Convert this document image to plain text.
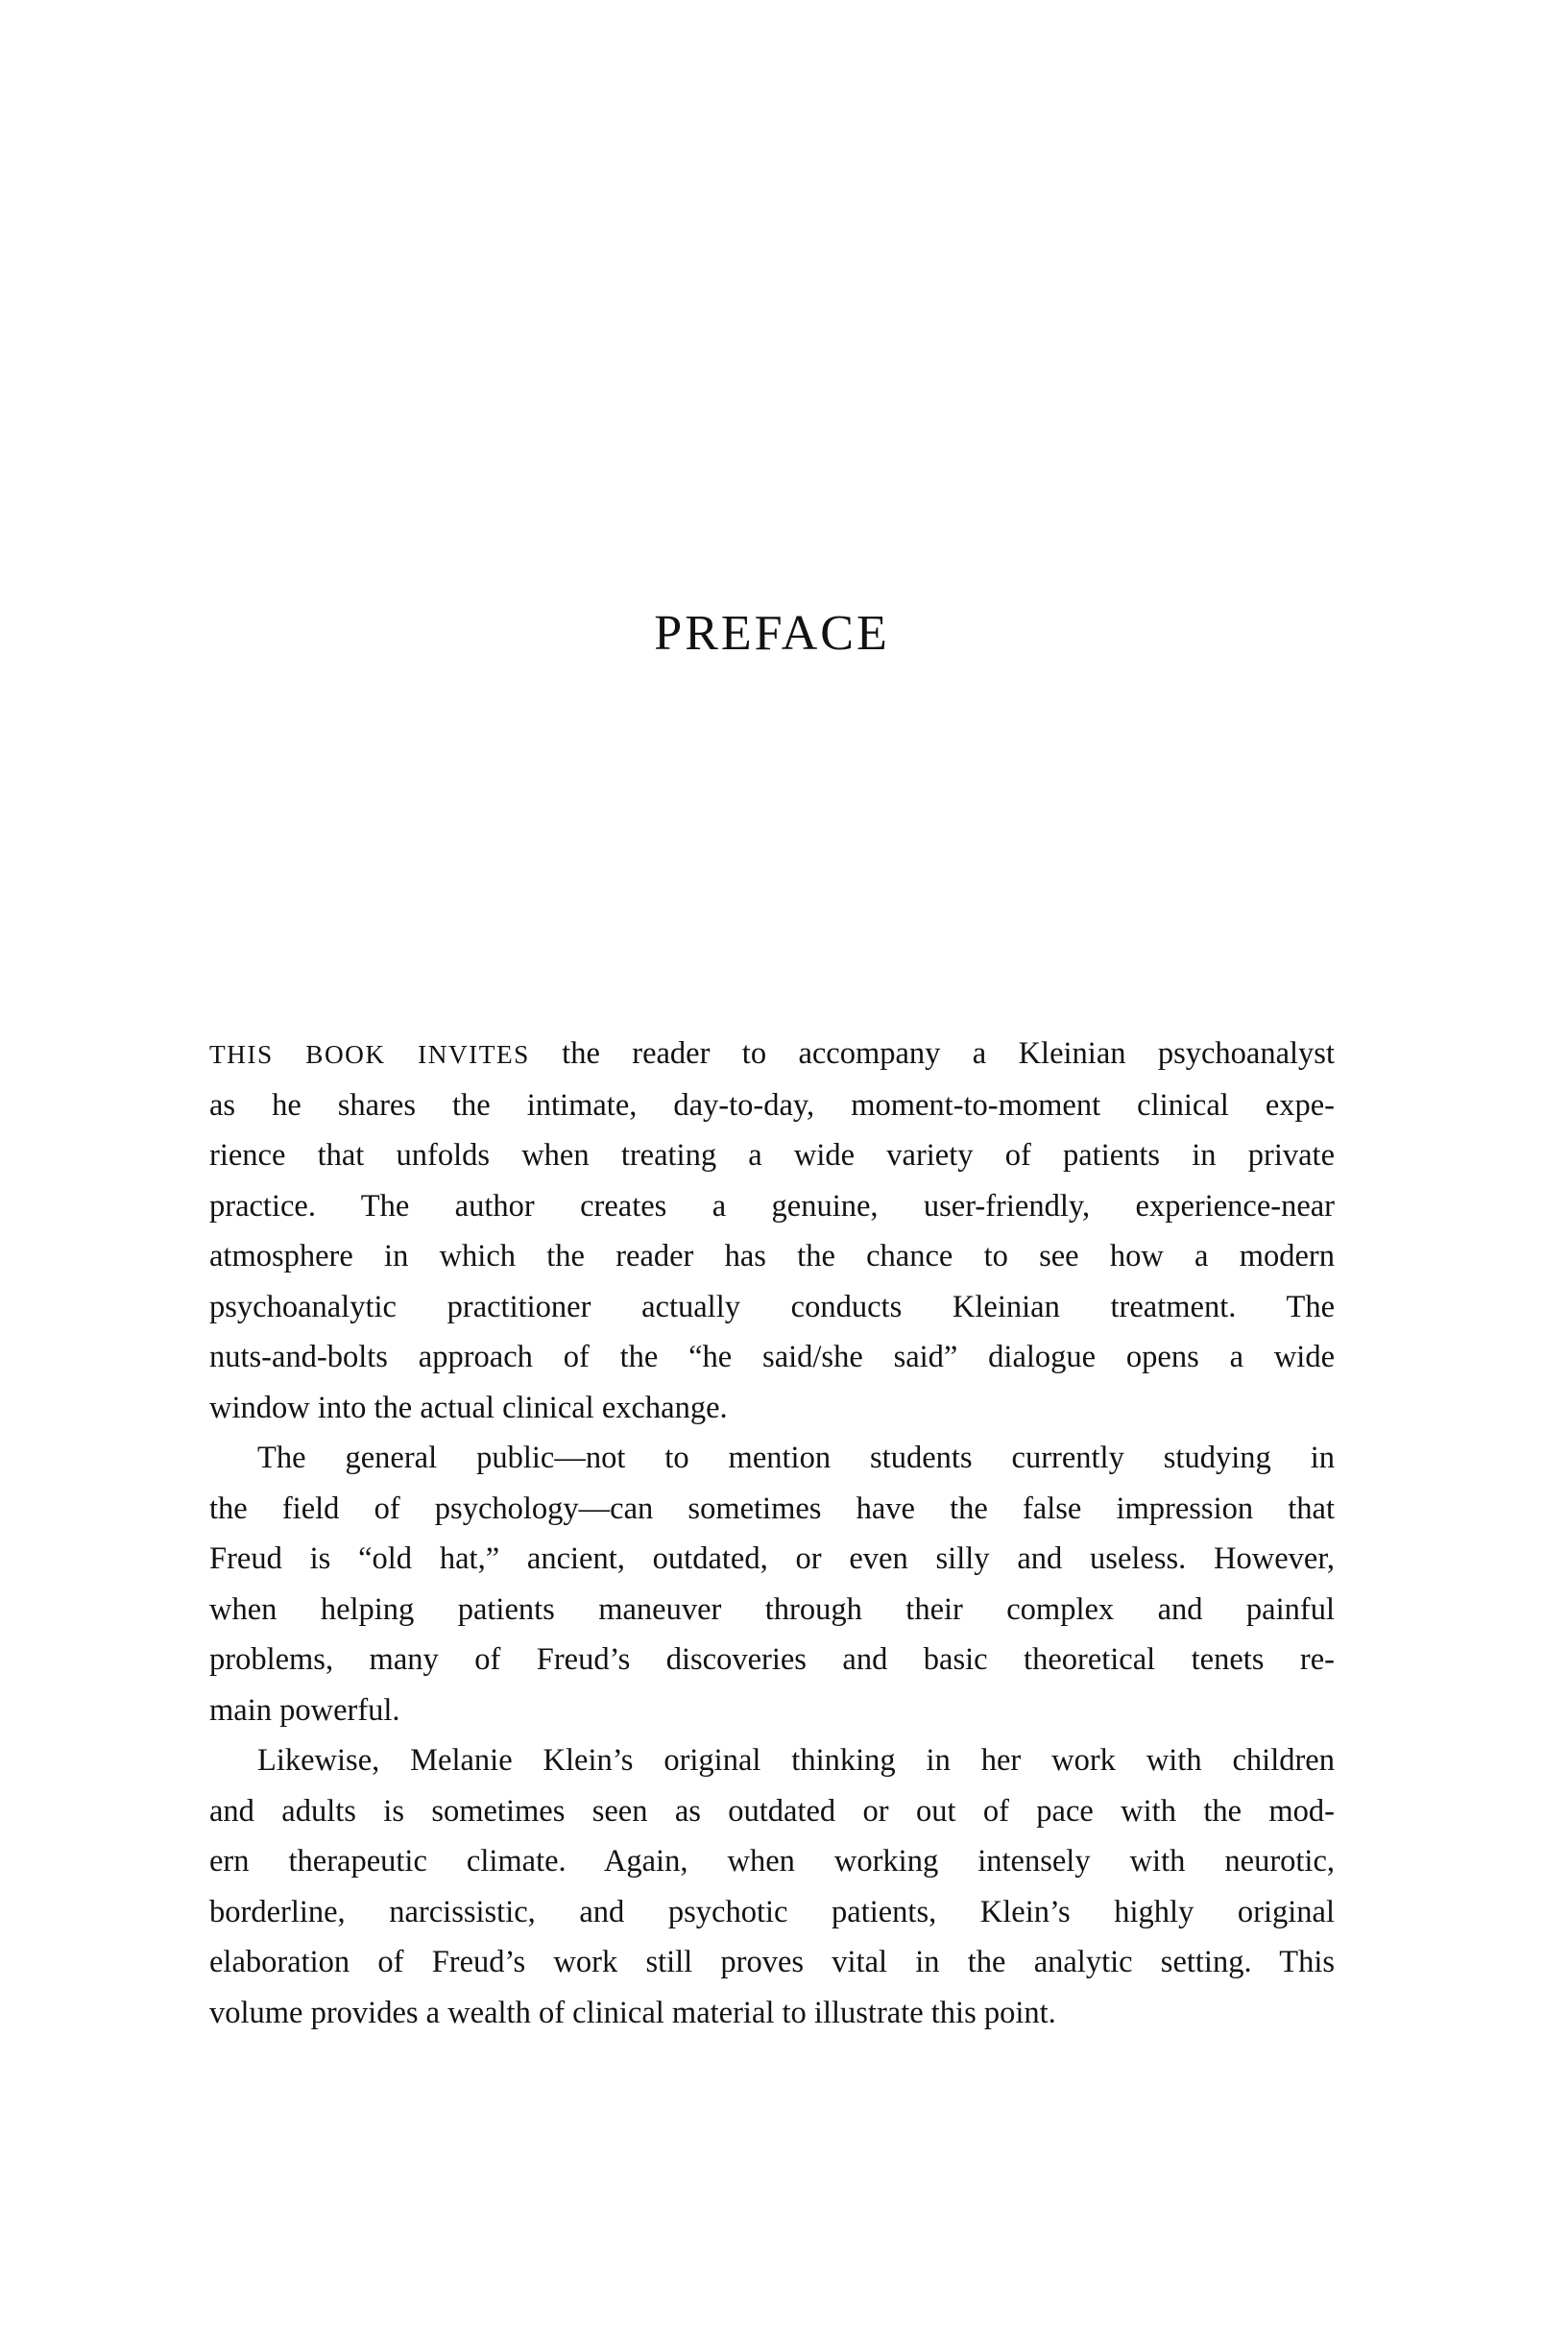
PREFACE
THIS BOOK INVITES the reader to accompany a Kleinian psychoanalyst
as he shares the intimate, day-to-day, moment-to-moment clinical expe-
rience that unfolds when treating a wide variety of patients in private
practice. The author creates a genuine, user-friendly, experience-near
atmosphere in which the reader has the chance to see how a modern
psychoanalytic practitioner actually conducts Kleinian treatment. The
nuts-and-bolts approach of the “he said/she said” dialogue opens a wide
window into the actual clinical exchange.
The general public—not to mention students currently studying in
the field of psychology—can sometimes have the false impression that
Freud is “old hat,” ancient, outdated, or even silly and useless. However,
when helping patients maneuver through their complex and painful
problems, many of Freud’s discoveries and basic theoretical tenets re-
main powerful.
Likewise, Melanie Klein’s original thinking in her work with children
and adults is sometimes seen as outdated or out of pace with the mod-
ern therapeutic climate. Again, when working intensely with neurotic,
borderline, narcissistic, and psychotic patients, Klein’s highly original
elaboration of Freud’s work still proves vital in the analytic setting. This
volume provides a wealth of clinical material to illustrate this point.
